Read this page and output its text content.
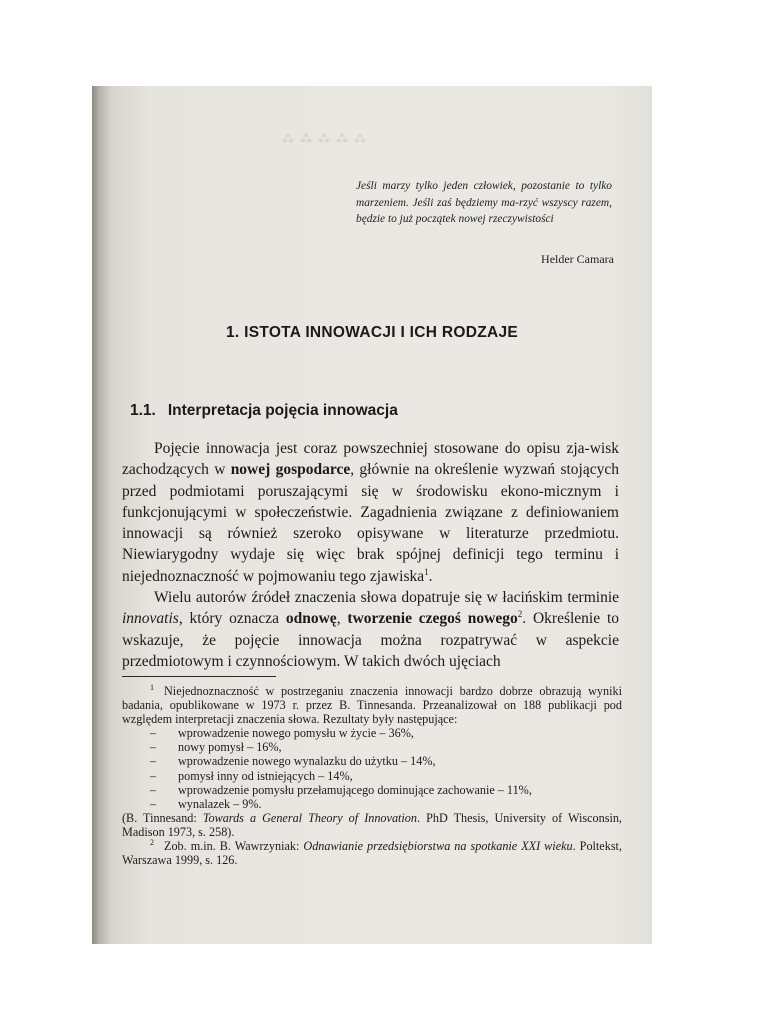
⁂  ⁂  ⁂  ⁂  ⁂
Jeśli marzy tylko jeden człowiek, pozostanie to tylko marzeniem. Jeśli zaś będziemy ma-rzyć wszyscy razem, będzie to już początek nowej rzeczywistości
Helder Camara
1. ISTOTA INNOWACJI I ICH RODZAJE
1.1. Interpretacja pojęcia innowacja

Pojęcie innowacja jest coraz powszechniej stosowane do opisu zja-wisk zachodzących w nowej gospodarce, głównie na określenie wyzwań stojących przed podmiotami poruszającymi się w środowisku ekono-micznym i funkcjonującymi w społeczeństwie. Zagadnienia związane z definiowaniem innowacji są również szeroko opisywane w literaturze przedmiotu. Niewiarygodny wydaje się więc brak spójnej definicji tego terminu i niejednoznaczność w pojmowaniu tego zjawiska$^1$.

Wielu autorów źródeł znaczenia słowa dopatruje się w łacińskim terminie innovatis, który oznacza odnowę, tworzenie czegoś nowego$^2$. Określenie to wskazuje, że pojęcie innowacja można rozpatrywać w aspekcie przedmiotowym i czynnościowym. W takich dwóch ujęciach

$^1$ Niejednoznaczność w postrzeganiu znaczenia innowacji bardzo dobrze obrazują wyniki badania, opublikowane w 1973 r. przez B. Tinnesanda. Przeanalizował on 188 publikacji pod względem interpretacji znaczenia słowa. Rezultaty były następujące:

– wprowadzenie nowego pomysłu w życie – 36%,
– nowy pomysł – 16%,
– wprowadzenie nowego wynalazku do użytku – 14%,
– pomysł inny od istniejących – 14%,
– wprowadzenie pomysłu przełamującego dominujące zachowanie – 11%,
– wynalazek – 9%.

(B. Tinnesand: Towards a General Theory of Innovation. PhD Thesis, University of Wisconsin, Madison 1973, s. 258).

$^2$ Zob. m.in. B. Wawrzyniak: Odnawianie przedsiębiorstwa na spotkanie XXI wieku. Poltekst, Warszawa 1999, s. 126.
